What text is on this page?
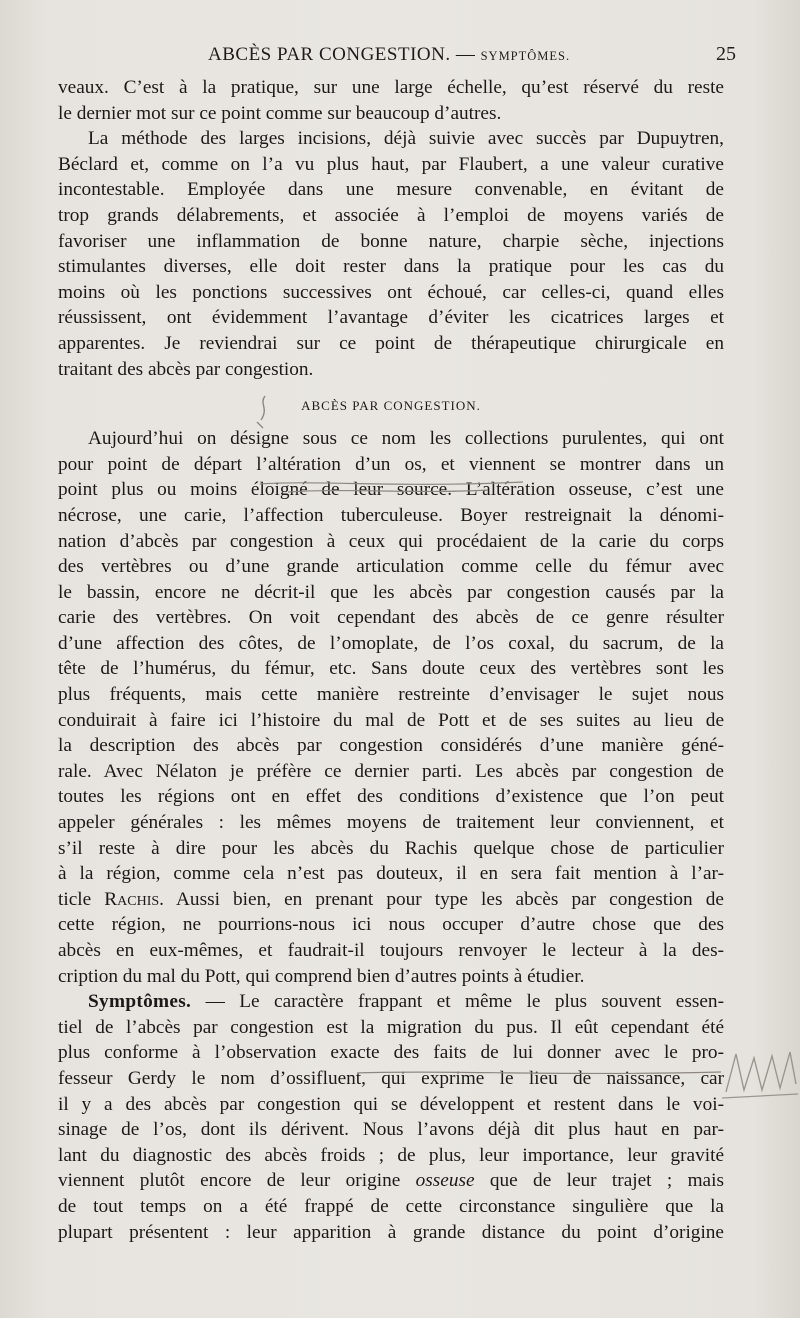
ABCÈS PAR CONGESTION. — SYMPTÔMES.	25
veaux. C’est à la pratique, sur une large échelle, qu’est réservé du reste
le dernier mot sur ce point comme sur beaucoup d’autres.
La méthode des larges incisions, déjà suivie avec succès par Dupuytren,
Béclard et, comme on l’a vu plus haut, par Flaubert, a une valeur curative
incontestable. Employée dans une mesure convenable, en évitant de
trop grands délabrements, et associée à l’emploi de moyens variés de
favoriser une inflammation de bonne nature, charpie sèche, injections
stimulantes diverses, elle doit rester dans la pratique pour les cas du
moins où les ponctions successives ont échoué, car celles-ci, quand elles
réussissent, ont évidemment l’avantage d’éviter les cicatrices larges et
apparentes. Je reviendrai sur ce point de thérapeutique chirurgicale en
traitant des abcès par congestion.
ABCÈS PAR CONGESTION.
Aujourd’hui on désigne sous ce nom les collections purulentes, qui ont
pour point de départ l’altération d’un os, et viennent se montrer dans un
point plus ou moins éloigné de leur source. L’altération osseuse, c’est une
nécrose, une carie, l’affection tuberculeuse. Boyer restreignait la dénomi-
nation d’abcès par congestion à ceux qui procédaient de la carie du corps
des vertèbres ou d’une grande articulation comme celle du fémur avec
le bassin, encore ne décrit-il que les abcès par congestion causés par la
carie des vertèbres. On voit cependant des abcès de ce genre résulter
d’une affection des côtes, de l’omoplate, de l’os coxal, du sacrum, de la
tête de l’humérus, du fémur, etc. Sans doute ceux des vertèbres sont les
plus fréquents, mais cette manière restreinte d’envisager le sujet nous
conduirait à faire ici l’histoire du mal de Pott et de ses suites au lieu de
la description des abcès par congestion considérés d’une manière géné-
rale. Avec Nélaton je préfère ce dernier parti. Les abcès par congestion de
toutes les régions ont en effet des conditions d’existence que l’on peut
appeler générales : les mêmes moyens de traitement leur conviennent, et
s’il reste à dire pour les abcès du Rachis quelque chose de particulier
à la région, comme cela n’est pas douteux, il en sera fait mention à l’ar-
ticle Rachis. Aussi bien, en prenant pour type les abcès par congestion de
cette région, ne pourrions-nous ici nous occuper d’autre chose que des
abcès en eux-mêmes, et faudrait-il toujours renvoyer le lecteur à la des-
cription du mal du Pott, qui comprend bien d’autres points à étudier.
Symptômes. — Le caractère frappant et même le plus souvent essen-
tiel de l’abcès par congestion est la migration du pus. Il eût cependant été
plus conforme à l’observation exacte des faits de lui donner avec le pro-
fesseur Gerdy le nom d’ossifluent, qui exprime le lieu de naissance, car
il y a des abcès par congestion qui se développent et restent dans le voi-
sinage de l’os, dont ils dérivent. Nous l’avons déjà dit plus haut en par-
lant du diagnostic des abcès froids ; de plus, leur importance, leur gravité
viennent plutôt encore de leur origine osseuse que de leur trajet ; mais
de tout temps on a été frappé de cette circonstance singulière que la
plupart présentent : leur apparition à grande distance du point d’origine
